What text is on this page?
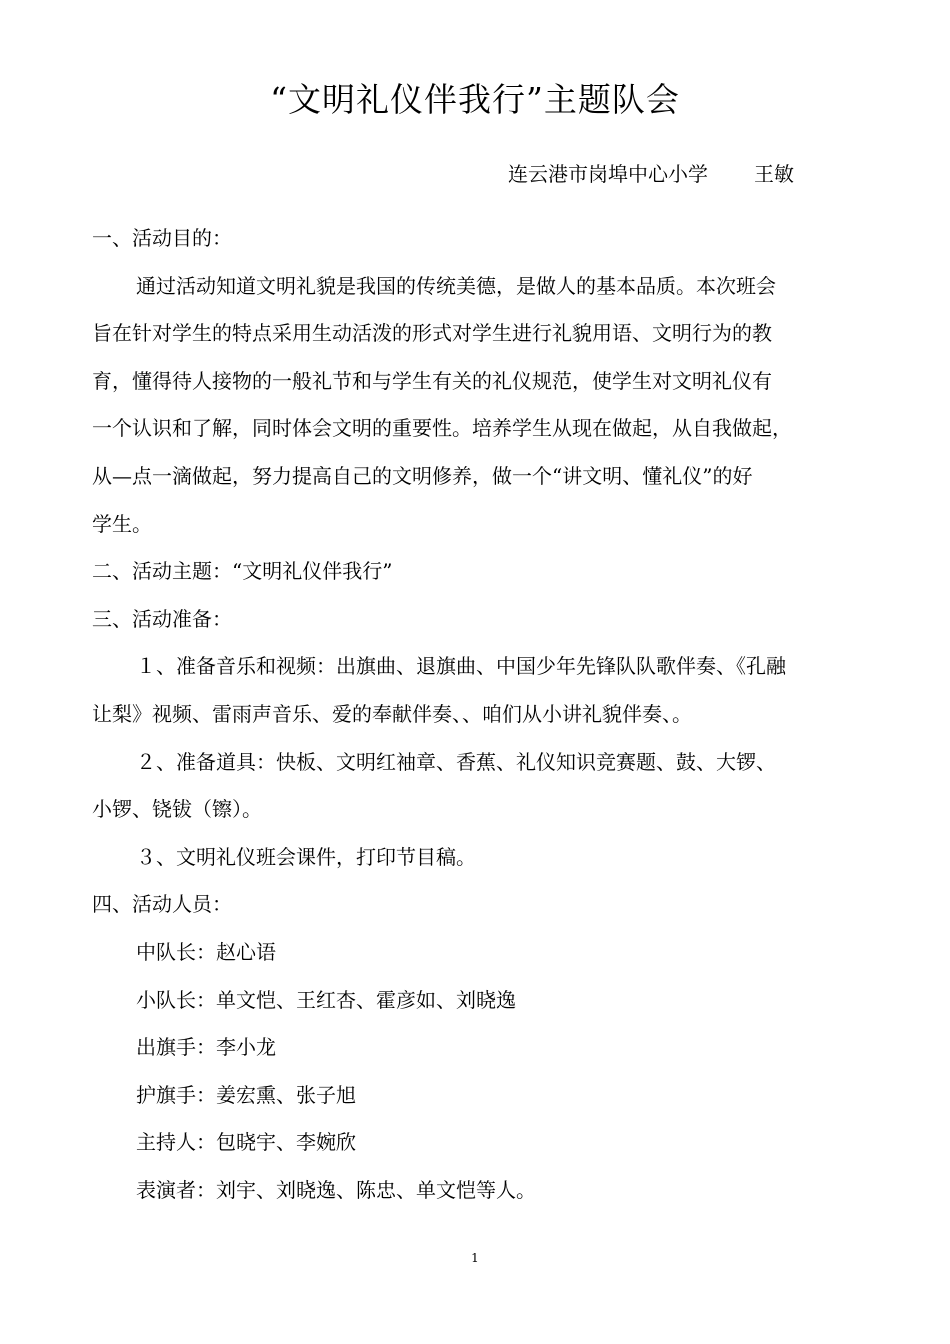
“文明礼仪伴我行”主题队会
连云港市岗埠中心小学 王敏

一、活动目的：

通过活动知道文明礼貌是我国的传统美德，是做人的基本品质。本次班会

旨在针对学生的特点采用生动活泼的形式对学生进行礼貌用语、文明行为的教

育，懂得待人接物的一般礼节和与学生有关的礼仪规范，使学生对文明礼仪有

一个认识和了解，同时体会文明的重要性。培养学生从现在做起，从自我做起，

从—点一滴做起，努力提高自己的文明修养，做一个“讲文明、懂礼仪”的好

学生。

二、活动主题：“文明礼仪伴我行”

三、活动准备：

１、准备音乐和视频：出旗曲、退旗曲、中国少年先锋队队歌伴奏、《孔融

让梨》视频、雷雨声音乐、爱的奉献伴奏、、咱们从小讲礼貌伴奏、。

２、准备道具：快板、文明红袖章、香蕉、礼仪知识竞赛题、鼓、大锣、

小锣、铙钹（镲）。

３、文明礼仪班会课件，打印节目稿。

四、活动人员：

中队长：赵心语

小队长：单文恺、王红杏、霍彦如、刘晓逸

出旗手：李小龙

护旗手：姜宏熏、张子旭

主持人：包晓宇、李婉欣

表演者：刘宇、刘晓逸、陈忠、单文恺等人。

1
